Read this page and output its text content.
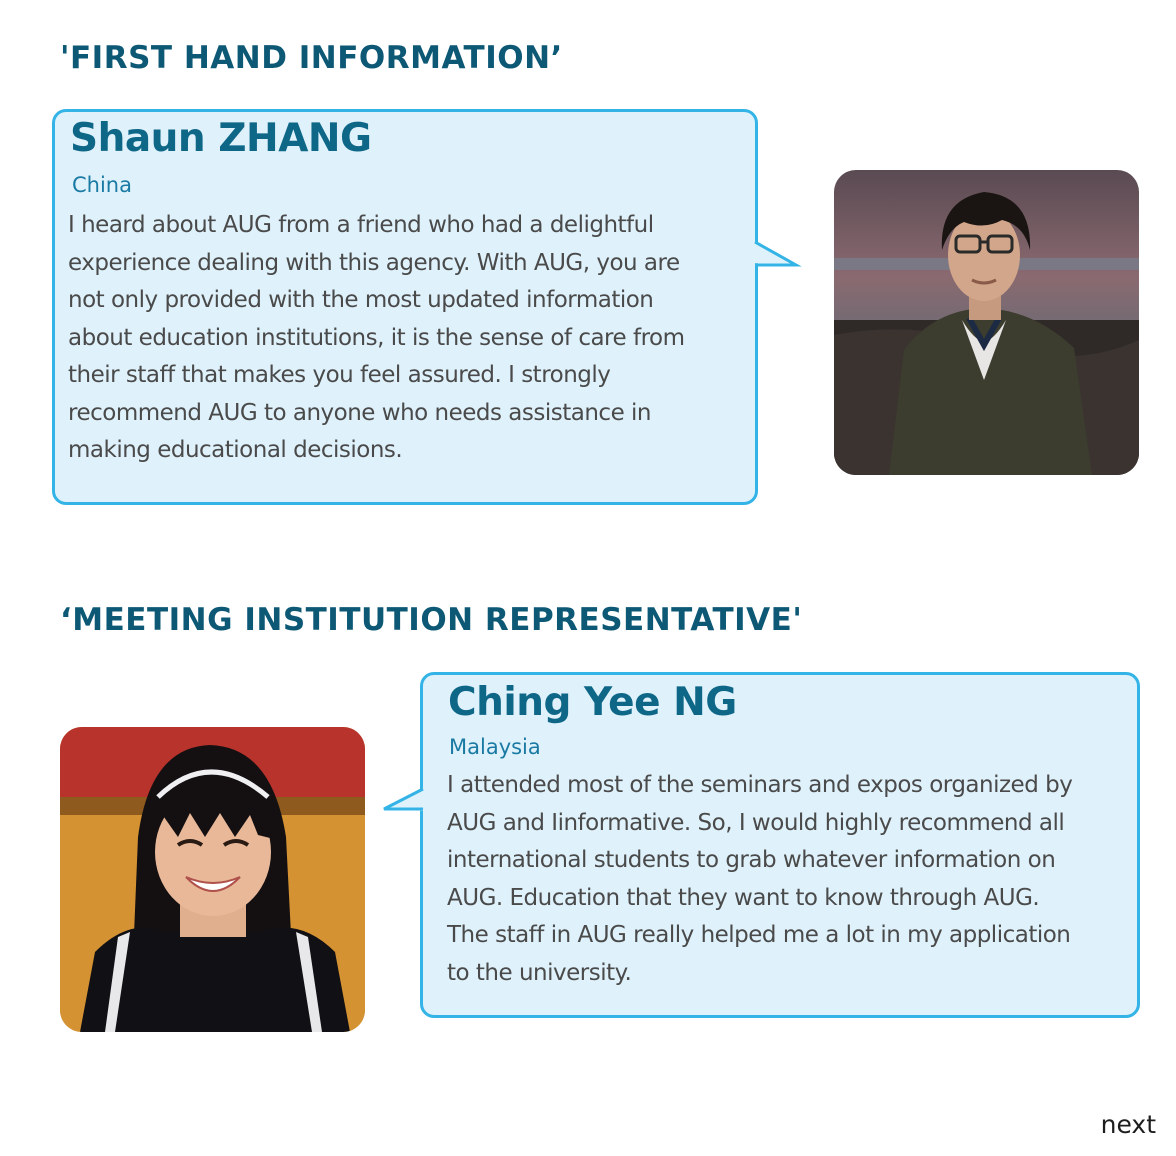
'FIRST HAND INFORMATION’
Shaun ZHANG
China

I heard about AUG from a friend who had a delightful
experience dealing with this agency. With AUG, you are
not only provided with the most updated information
about education institutions, it is the sense of care from
their staff that makes you feel assured. I strongly
recommend AUG to anyone who needs assistance in
making educational decisions.

‘MEETING INSTITUTION REPRESENTATIVE'
Ching Yee NG
Malaysia

I attended most of the seminars and expos organized by
AUG and Iinformative. So, I would highly recommend all
international students to grab whatever information on
AUG. Education that they want to know through AUG.
The staff in AUG really helped me a lot in my application
to the university.

next
